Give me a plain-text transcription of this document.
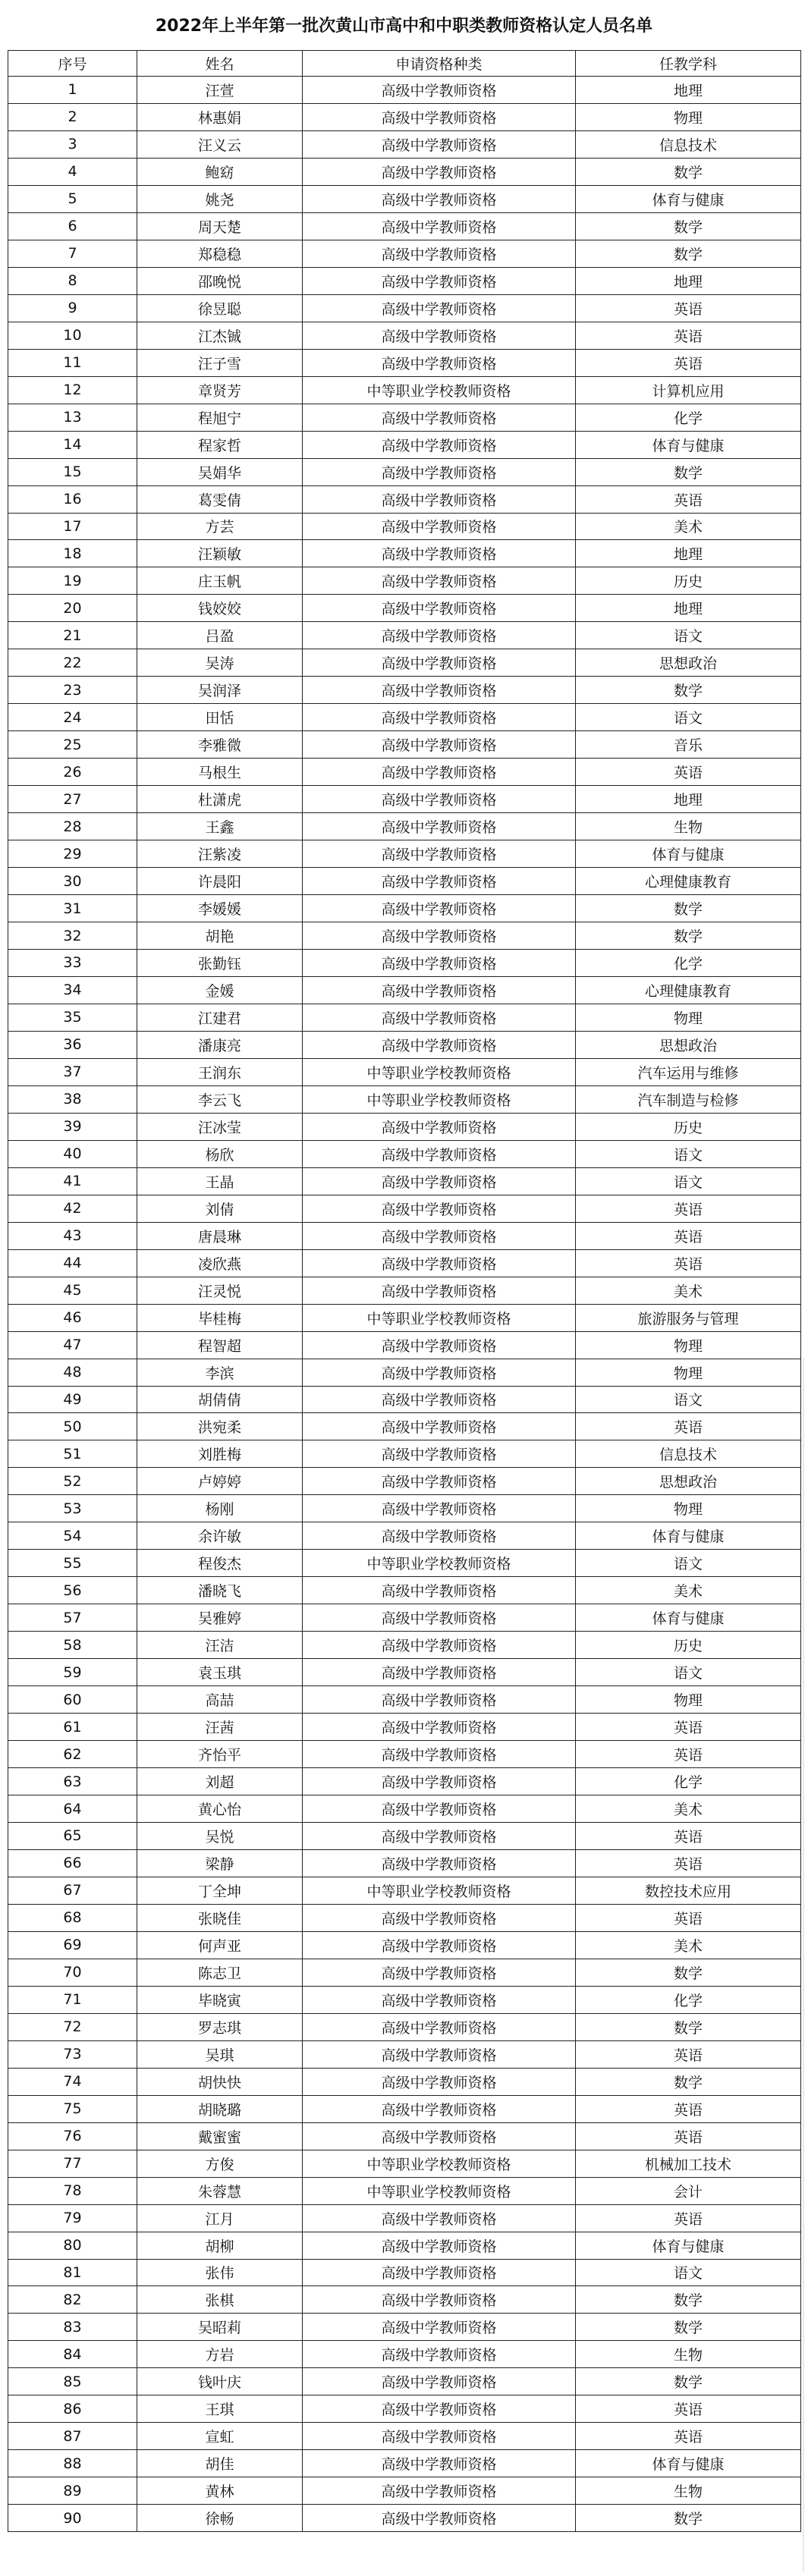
2022年上半年第一批次黄山市高中和中职类教师资格认定人员名单
序号	姓名	申请资格种类	任教学科
1	汪萱	高级中学教师资格	地理
2	林惠娟	高级中学教师资格	物理
3	汪义云	高级中学教师资格	信息技术
4	鲍窈	高级中学教师资格	数学
5	姚尧	高级中学教师资格	体育与健康
6	周天楚	高级中学教师资格	数学
7	郑稳稳	高级中学教师资格	数学
8	邵晚悦	高级中学教师资格	地理
9	徐昱聪	高级中学教师资格	英语
10	江杰铖	高级中学教师资格	英语
11	汪子雪	高级中学教师资格	英语
12	章贤芳	中等职业学校教师资格	计算机应用
13	程旭宁	高级中学教师资格	化学
14	程家哲	高级中学教师资格	体育与健康
15	吴娟华	高级中学教师资格	数学
16	葛雯倩	高级中学教师资格	英语
17	方芸	高级中学教师资格	美术
18	汪颖敏	高级中学教师资格	地理
19	庄玉帆	高级中学教师资格	历史
20	钱姣姣	高级中学教师资格	地理
21	吕盈	高级中学教师资格	语文
22	吴涛	高级中学教师资格	思想政治
23	吴润泽	高级中学教师资格	数学
24	田恬	高级中学教师资格	语文
25	李雅微	高级中学教师资格	音乐
26	马根生	高级中学教师资格	英语
27	杜潇虎	高级中学教师资格	地理
28	王鑫	高级中学教师资格	生物
29	汪紫凌	高级中学教师资格	体育与健康
30	许晨阳	高级中学教师资格	心理健康教育
31	李媛媛	高级中学教师资格	数学
32	胡艳	高级中学教师资格	数学
33	张勤钰	高级中学教师资格	化学
34	金媛	高级中学教师资格	心理健康教育
35	江建君	高级中学教师资格	物理
36	潘康亮	高级中学教师资格	思想政治
37	王润东	中等职业学校教师资格	汽车运用与维修
38	李云飞	中等职业学校教师资格	汽车制造与检修
39	汪冰莹	高级中学教师资格	历史
40	杨欣	高级中学教师资格	语文
41	王晶	高级中学教师资格	语文
42	刘倩	高级中学教师资格	英语
43	唐晨琳	高级中学教师资格	英语
44	凌欣燕	高级中学教师资格	英语
45	汪灵悦	高级中学教师资格	美术
46	毕桂梅	中等职业学校教师资格	旅游服务与管理
47	程智超	高级中学教师资格	物理
48	李滨	高级中学教师资格	物理
49	胡倩倩	高级中学教师资格	语文
50	洪宛柔	高级中学教师资格	英语
51	刘胜梅	高级中学教师资格	信息技术
52	卢婷婷	高级中学教师资格	思想政治
53	杨刚	高级中学教师资格	物理
54	余许敏	高级中学教师资格	体育与健康
55	程俊杰	中等职业学校教师资格	语文
56	潘晓飞	高级中学教师资格	美术
57	吴雅婷	高级中学教师资格	体育与健康
58	汪洁	高级中学教师资格	历史
59	袁玉琪	高级中学教师资格	语文
60	高喆	高级中学教师资格	物理
61	汪茜	高级中学教师资格	英语
62	齐怡平	高级中学教师资格	英语
63	刘超	高级中学教师资格	化学
64	黄心怡	高级中学教师资格	美术
65	吴悦	高级中学教师资格	英语
66	梁静	高级中学教师资格	英语
67	丁全坤	中等职业学校教师资格	数控技术应用
68	张晓佳	高级中学教师资格	英语
69	何声亚	高级中学教师资格	美术
70	陈志卫	高级中学教师资格	数学
71	毕晓寅	高级中学教师资格	化学
72	罗志琪	高级中学教师资格	数学
73	吴琪	高级中学教师资格	英语
74	胡快快	高级中学教师资格	数学
75	胡晓璐	高级中学教师资格	英语
76	戴蜜蜜	高级中学教师资格	英语
77	方俊	中等职业学校教师资格	机械加工技术
78	朱蓉慧	中等职业学校教师资格	会计
79	江月	高级中学教师资格	英语
80	胡柳	高级中学教师资格	体育与健康
81	张伟	高级中学教师资格	语文
82	张棋	高级中学教师资格	数学
83	吴昭莉	高级中学教师资格	数学
84	方岩	高级中学教师资格	生物
85	钱叶庆	高级中学教师资格	数学
86	王琪	高级中学教师资格	英语
87	宣虹	高级中学教师资格	英语
88	胡佳	高级中学教师资格	体育与健康
89	黄林	高级中学教师资格	生物
90	徐畅	高级中学教师资格	数学
